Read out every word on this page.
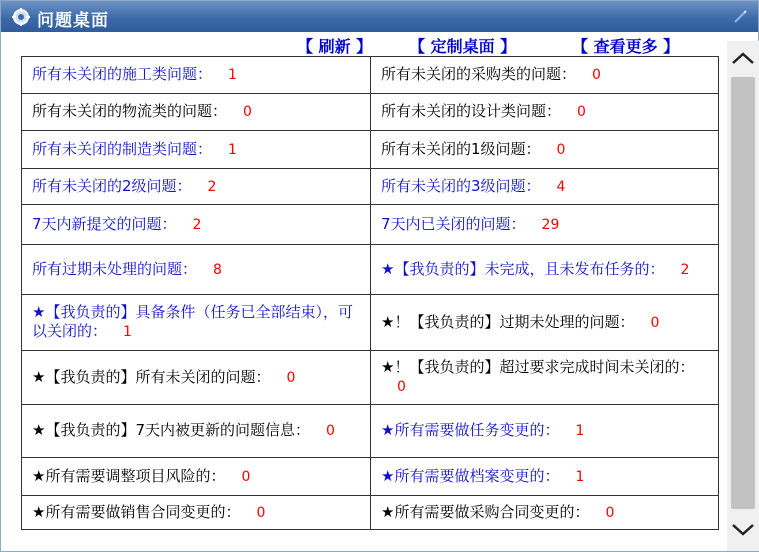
问题桌面
【 刷新 】 【 定制桌面 】	【 查看更多 】
所有未关闭的施工类问题： 1	所有未关闭的采购类的问题： 0
所有未关闭的物流类的问题： 0	所有未关闭的设计类问题： 0
所有未关闭的制造类问题： 1	所有未关闭的1级问题： 0
所有未关闭的2级问题： 2	所有未关闭的3级问题： 4
7天内新提交的问题： 2	7天内已关闭的问题： 29
所有过期未处理的问题： 8	★【我负责的】未完成，且未发布任务的： 2
★【我负责的】具备条件（任务已全部结束），可以关闭的： 1	★！【我负责的】过期未处理的问题： 0
★【我负责的】所有未关闭的问题： 0	★！【我负责的】超过要求完成时间未关闭的：0
★【我负责的】7天内被更新的问题信息： 0	★所有需要做任务变更的： 1
★所有需要调整项目风险的： 0	★所有需要做档案变更的： 1
★所有需要做销售合同变更的： 0	★所有需要做采购合同变更的： 0
